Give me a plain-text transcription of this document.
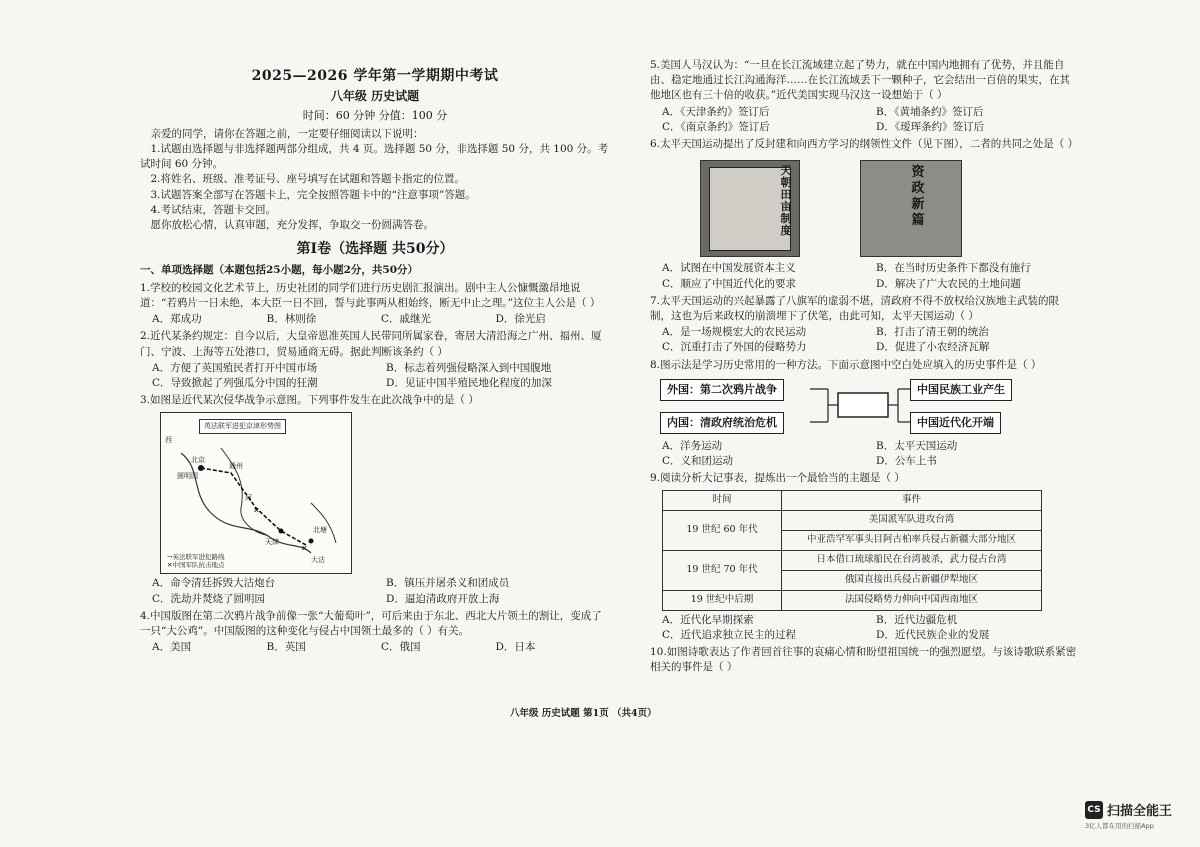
2025—2026 学年第一学期期中考试
八年级 历史试题
时间：60 分钟 分值：100 分

亲爱的同学，请你在答题之前，一定要仔细阅读以下说明：

1.试题由选择题与非选择题两部分组成，共 4 页。选择题 50 分，非选择题 50 分，共 100 分。考试时间 60 分钟。

2.将姓名、班级、准考证号、座号填写在试题和答题卡指定的位置。

3.试题答案全部写在答题卡上，完全按照答题卡中的“注意事项”答题。

4.考试结束，答题卡交回。

愿你放松心情，认真审题，充分发挥，争取交一份圆满答卷。

第Ⅰ卷（选择题 共50分）

一、单项选择题（本题包括25小题，每小题2分，共50分）

1.学校的校园文化艺术节上，历史社团的同学们进行历史剧汇报演出。剧中主人公慷慨激昂地说道：“若鸦片一日未绝，本大臣一日不回，誓与此事两从相始终，断无中止之理。”这位主人公是（ ）

A．郑成功	B．林则徐	C．戚继光	D．徐光启

2.近代某条约规定：自今以后，大皇帝恩准英国人民带同所属家眷，寄居大清沿海之广州、福州、厦门、宁波、上海等五处港口，贸易通商无碍。据此判断该条约（ ）

A．方便了英国殖民者打开中国市场	B．标志着列强侵略深入到中国腹地
C．导致掀起了列强瓜分中国的狂潮	D．见证中国半殖民地化程度的加深

3.如图是近代某次侵华战争示意图。下列事件发生在此次战争中的是（ ）

✕
✕
英法联军进犯京津形势图
西
北京
圆明园
通州
天津
北塘
大沽
河
→英法联军进犯路线
✕中国军队抗击地点
A．命令清廷拆毁大沽炮台	B．镇压并屠杀义和团成员
C．洗劫并焚烧了圆明园	D．逼迫清政府开放上海

4.中国版图在第二次鸦片战争前像一张“大葡萄叶”，可后来由于东北、西北大片领土的割让，变成了一只“大公鸡”。中国版图的这种变化与侵占中国领土最多的（ ）有关。

A．美国	B．英国	C．俄国	D．日本

5.美国人马汉认为：“一旦在长江流域建立起了势力，就在中国内地拥有了优势，并且能自由、稳定地通过长江沟通海洋……在长江流域丢下一颗种子，它会结出一百倍的果实，在其他地区也有三十倍的收获。”近代美国实现马汉这一设想始于（ ）

A．《天津条约》签订后	B．《黄埔条约》签订后
C．《南京条约》签订后	D．《瑷珲条约》签订后

6.太平天国运动提出了反封建和向西方学习的纲领性文件（见下图），二者的共同之处是（ ）

天朝田亩制度
资政新篇
A．试图在中国发展资本主义	B．在当时历史条件下都没有施行
C．顺应了中国近代化的要求	D．解决了广大农民的土地问题

7.太平天国运动的兴起暴露了八旗军的虚弱不堪，清政府不得不放权给汉族地主武装的限制，这也为后来政权的崩溃埋下了伏笔，由此可知，太平天国运动（ ）

A．是一场规模宏大的农民运动	B．打击了清王朝的统治
C．沉重打击了外国的侵略势力	D．促进了小农经济瓦解

8.图示法是学习历史常用的一种方法。下面示意图中空白处应填入的历史事件是（ ）

外国：第二次鸦片战争
内国：清政府统治危机
中国民族工业产生
中国近代化开端
A．洋务运动	B．太平天国运动
C．义和团运动	D．公车上书

9.阅读分析大记事表，提炼出一个最恰当的主题是（ ）

时间	事件
19 世纪 60 年代	美国派军队进攻台湾
	中亚浩罕军事头目阿古柏率兵侵占新疆大部分地区
19 世纪 70 年代	日本借口琉球船民在台湾被杀，武力侵占台湾
	俄国直接出兵侵占新疆伊犁地区
19 世纪中后期	法国侵略势力伸向中国西南地区
A．近代化早期探索	B．近代边疆危机
C．近代追求独立民主的过程	D．近代民族企业的发展

10.如图诗歌表达了作者回首往事的哀痛心情和盼望祖国统一的强烈愿望。与该诗歌联系紧密相关的事件是（ ）

八年级 历史试题 第1页 （共4页）
CS 扫描全能王
3亿人都在用的扫描App
